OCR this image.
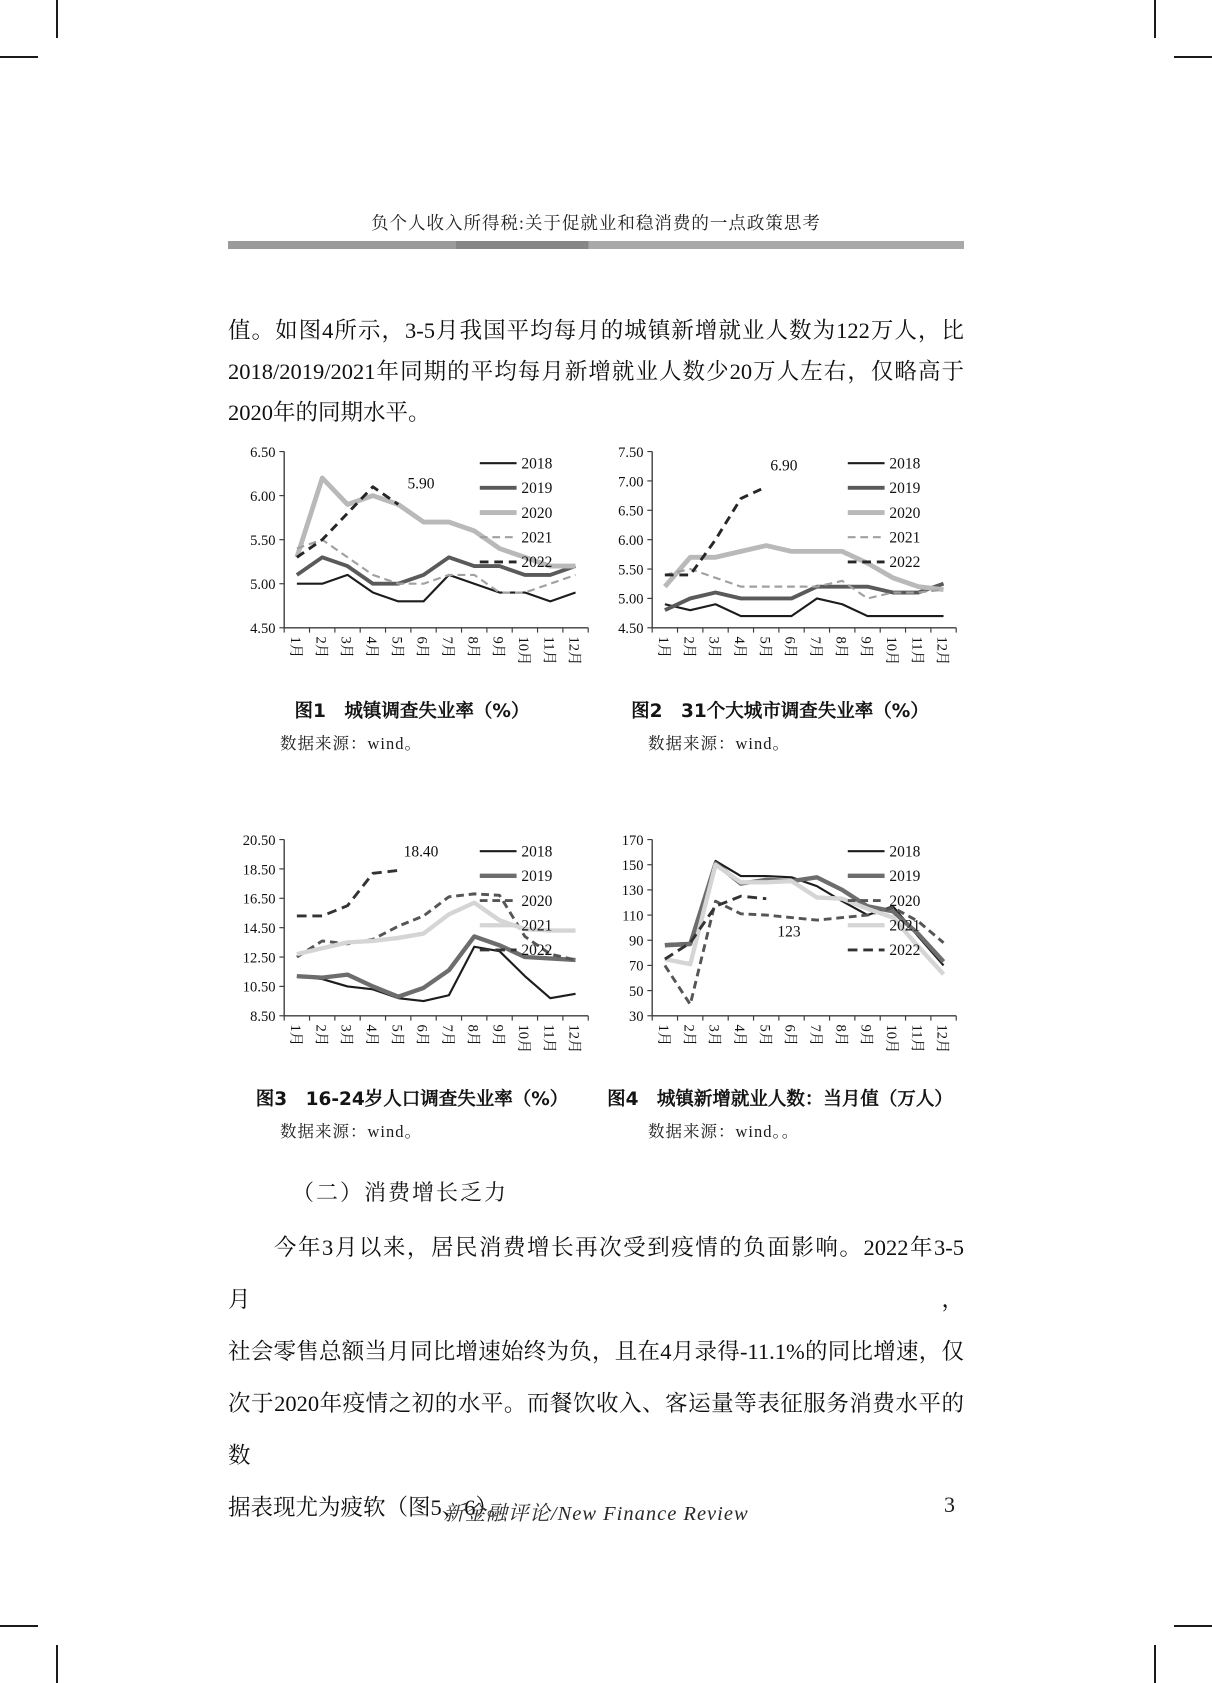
负个人收入所得税:关于促就业和稳消费的一点政策思考

值。如图4所示，3-5月我国平均每月的城镇新增就业人数为122万人，比

2018/2019/2021年同期的平均每月新增就业人数少20万人左右，仅略高于

2020年的同期水平。

4.50
5.00
5.50
6.00
6.50
1月 2月 3月 4月 5月 6月 7月 8月 9月 10月 11月 12月
2018
2019
2020
2021
2022
5.90
图1　城镇调查失业率（%）
数据来源：wind。
4.50
5.00
5.50
6.00
6.50
7.00
7.50
1月 2月 3月 4月 5月 6月 7月 8月 9月 10月 11月 12月
2018
2019
2020
2021
2022
6.90
图2　31个大城市调查失业率（%）
数据来源：wind。
8.50
10.50
12.50
14.50
16.50
18.50
20.50
1月 2月 3月 4月 5月 6月 7月 8月 9月 10月 11月 12月
2018
2019
2020
2021
2022
18.40
图3　16-24岁人口调查失业率（%）
数据来源：wind。
30
50
70
90
110
130
150
170
1月 2月 3月 4月 5月 6月 7月 8月 9月 10月 11月 12月
2018
2019
2020
2021
2022
123
图4　城镇新增就业人数：当月值（万人）
数据来源：wind。。
（二）消费增长乏力

今年3月以来，居民消费增长再次受到疫情的负面影响。2022年3-5月，

社会零售总额当月同比增速始终为负，且在4月录得-11.1%的同比增速，仅

次于2020年疫情之初的水平。而餐饮收入、客运量等表征服务消费水平的数

据表现尤为疲软（图5、6）。

新金融评论/New Finance Review	3
